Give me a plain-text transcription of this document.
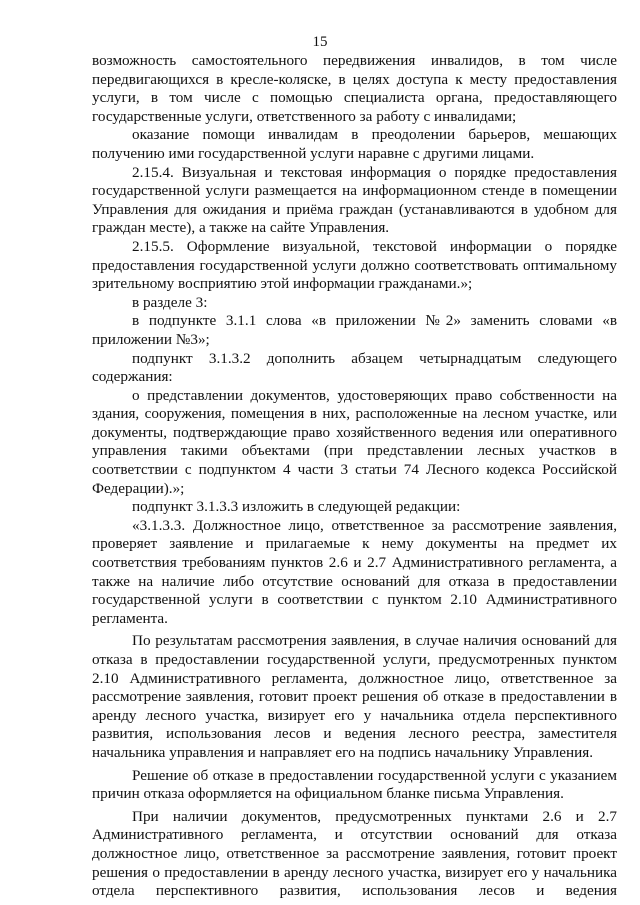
15

возможность самостоятельного передвижения инвалидов, в том числе передвигающихся в кресле-коляске, в целях доступа к месту предоставления услуги, в том числе с помощью специалиста органа, предоставляющего государственные услуги, ответственного за работу с инвалидами;

оказание помощи инвалидам в преодолении барьеров, мешающих получению ими государственной услуги наравне с другими лицами.

2.15.4. Визуальная и текстовая информация о порядке предоставления государственной услуги размещается на информационном стенде в помещении Управления для ожидания и приёма граждан (устанавливаются в удобном для граждан месте), а также на сайте Управления.

2.15.5. Оформление визуальной, текстовой информации о порядке предоставления государственной услуги должно соответствовать оптимальному зрительному восприятию этой информации гражданами.»;

в разделе 3:

в подпункте 3.1.1 слова «в приложении №2» заменить словами «в приложении №3»;

подпункт 3.1.3.2 дополнить абзацем четырнадцатым следующего содержания:

о представлении документов, удостоверяющих право собственности на здания, сооружения, помещения в них, расположенные на лесном участке, или документы, подтверждающие право хозяйственного ведения или оперативного управления такими объектами (при представлении лесных участков в соответствии с подпунктом 4 части 3 статьи 74 Лесного кодекса Российской Федерации).»;

подпункт 3.1.3.3 изложить в следующей редакции:

«3.1.3.3. Должностное лицо, ответственное за рассмотрение заявления, проверяет заявление и прилагаемые к нему документы на предмет их соответствия требованиям пунктов 2.6 и 2.7 Административного регламента, а также на наличие либо отсутствие оснований для отказа в предоставлении государственной услуги в соответствии с пунктом 2.10 Административного регламента.

По результатам рассмотрения заявления, в случае наличия оснований для отказа в предоставлении государственной услуги, предусмотренных пунктом 2.10 Административного регламента, должностное лицо, ответственное за рассмотрение заявления, готовит проект решения об отказе в предоставлении в аренду лесного участка, визирует его у начальника отдела перспективного развития, использования лесов и ведения лесного реестра, заместителя начальника управления и направляет его на подпись начальнику Управления.

Решение об отказе в предоставлении государственной услуги с указанием причин отказа оформляется на официальном бланке письма Управления.

При наличии документов, предусмотренных пунктами 2.6 и 2.7 Административного регламента, и отсутствии оснований для отказа должностное лицо, ответственное за рассмотрение заявления, готовит проект решения о предоставлении в аренду лесного участка, визирует его у начальника отдела перспективного развития, использования лесов и ведения
